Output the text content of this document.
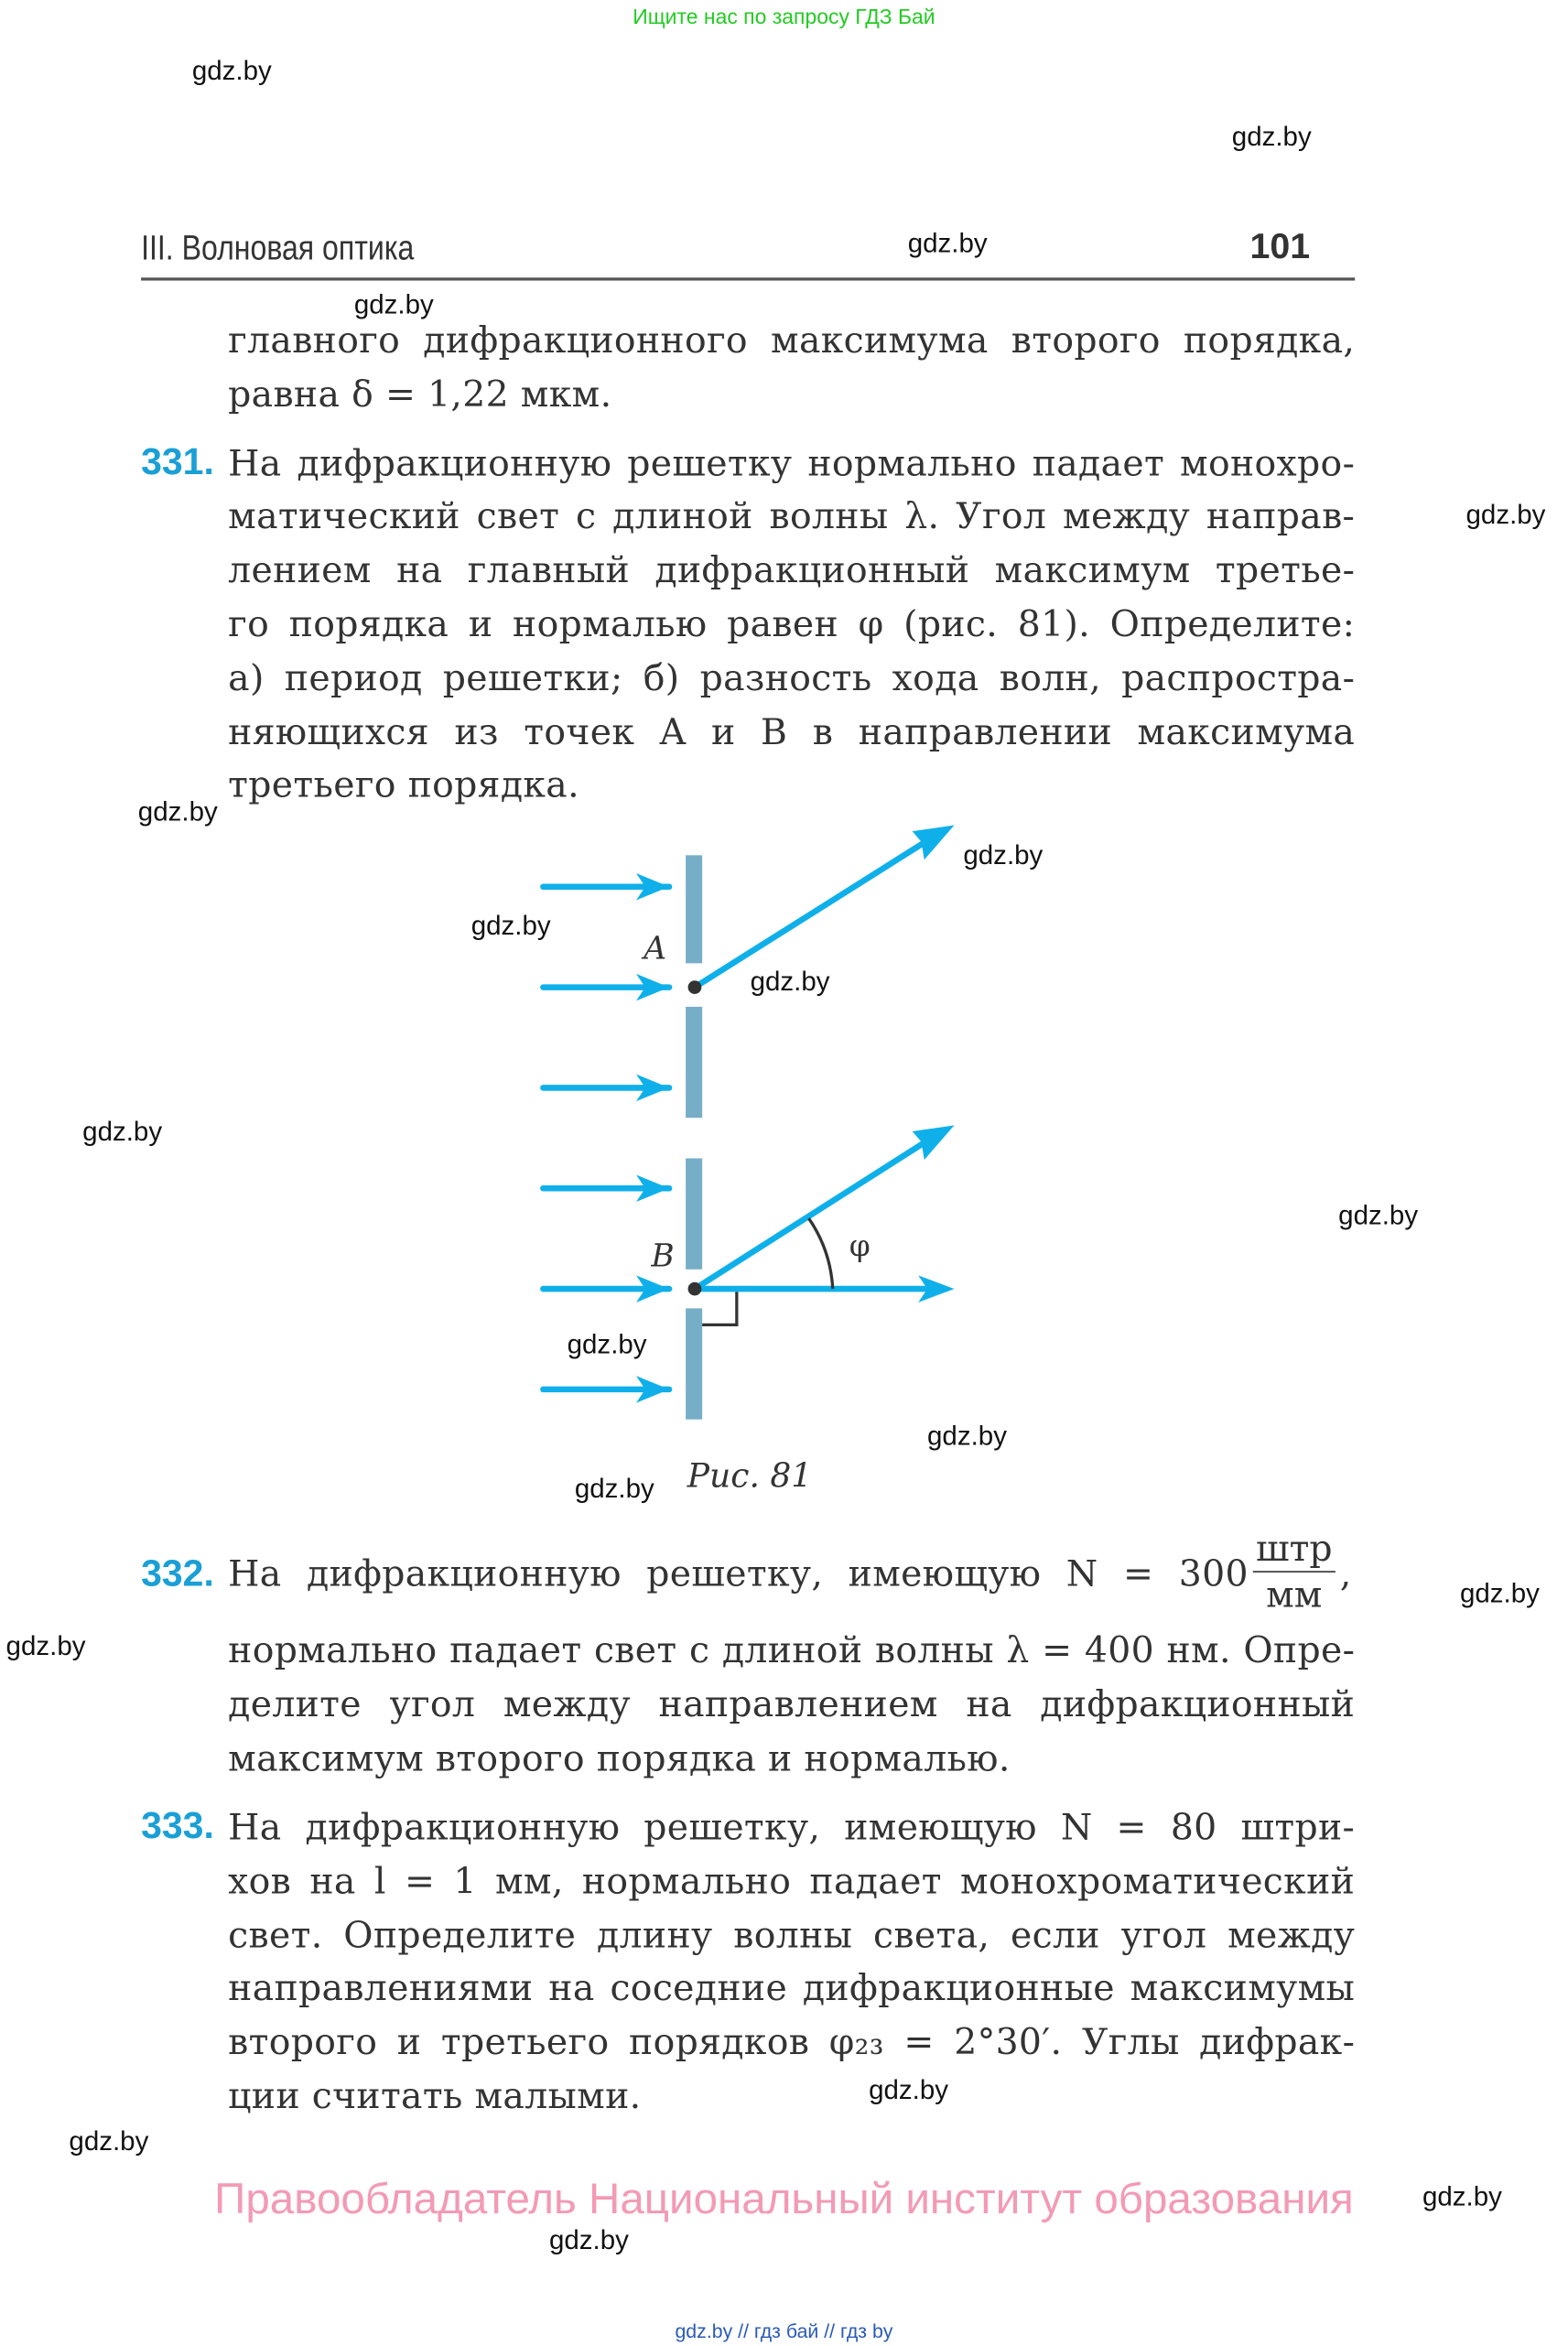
Ищите нас по запросу ГДЗ Бай
III. Волновая оптика	101
главного дифракционного максимума второго порядка,
равна δ = 1,22 мкм.
331. На дифракционную решетку нормально падает монохро-
матический свет с длиной волны λ. Угол между направ-
лением на главный дифракционный максимум третье-
го порядка и нормалью равен φ (рис. 81). Определите:
а) период решетки; б) разность хода волн, распростра-
няющихся из точек A и B в направлении максимума
третьего порядка.
A
B	φ
Рис. 81
332. На дифракционную решетку, имеющую N = 300
штр
мм ,
нормально падает свет с длиной волны λ = 400 нм. Опре-
делите угол между направлением на дифракционный
максимум второго порядка и нормалью.
333. На дифракционную решетку, имеющую N = 80 штри-
хов на l = 1 мм, нормально падает монохроматический
свет. Определите длину волны света, если угол между
направлениями на соседние дифракционные максимумы
второго и третьего порядков φ₂₃ = 2°30′. Углы дифрак-
ции считать малыми.
Правообладатель Национальный институт образования
gdz.by // гдз бай // гдз by
gdz.by
gdz.by
gdz.by
gdz.by
gdz.by
gdz.by
gdz.by
gdz.by
gdz.by
gdz.by
gdz.by
gdz.by
gdz.by
gdz.by
gdz.by
gdz.by
gdz.by
gdz.by
gdz.by
gdz.by
